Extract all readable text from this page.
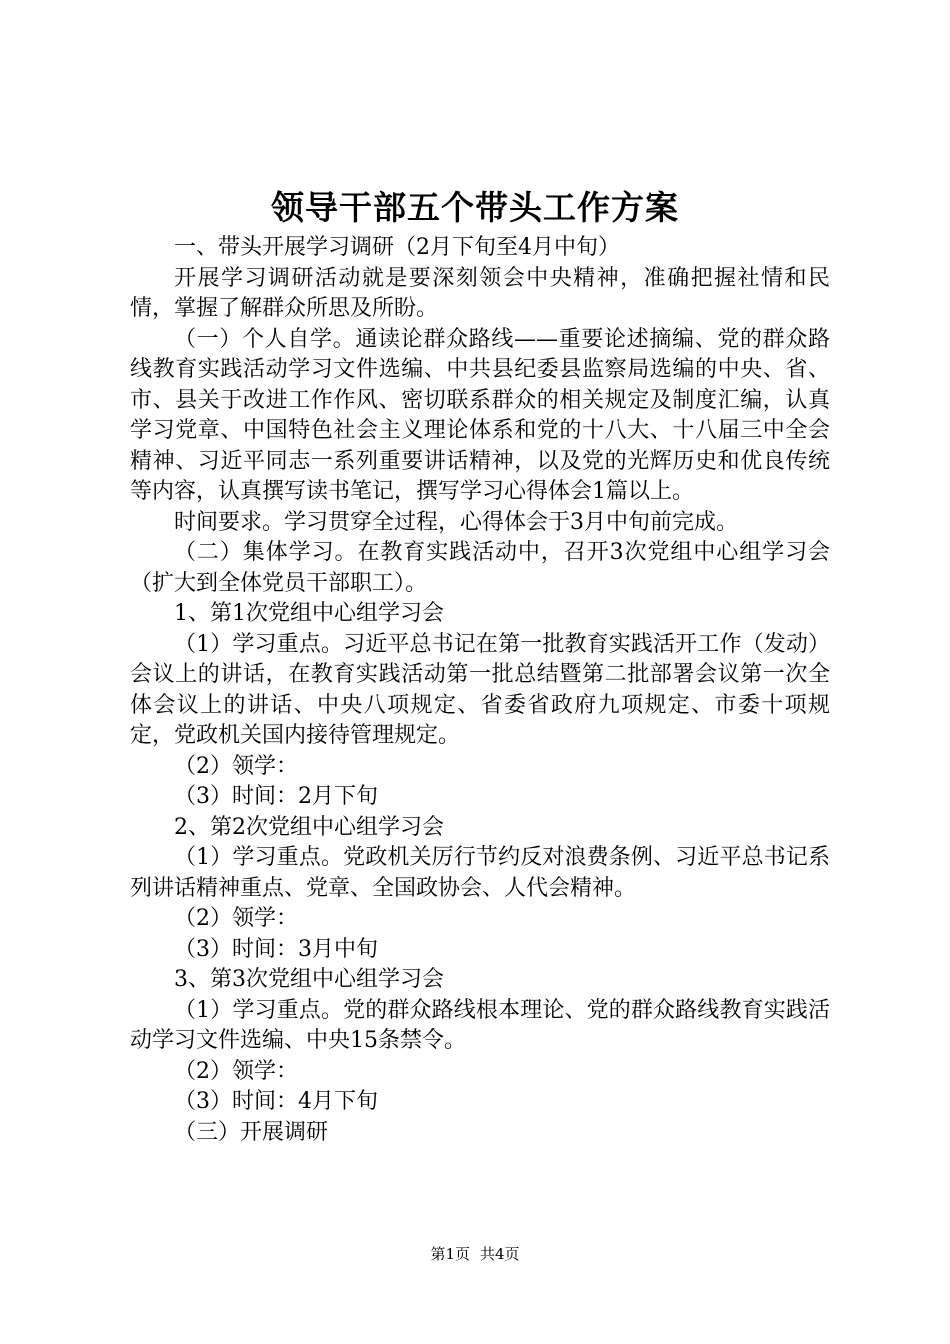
领导干部五个带头工作方案

一、带头开展学习调研（2月下旬至4月中旬）

开展学习调研活动就是要深刻领会中央精神，准确把握社情和民情，掌握了解群众所思及所盼。

（一）个人自学。通读论群众路线——重要论述摘编、党的群众路线教育实践活动学习文件选编、中共县纪委县监察局选编的中央、省、市、县关于改进工作作风、密切联系群众的相关规定及制度汇编，认真学习党章、中国特色社会主义理论体系和党的十八大、十八届三中全会精神、习近平同志一系列重要讲话精神，以及党的光辉历史和优良传统等内容，认真撰写读书笔记，撰写学习心得体会1篇以上。

时间要求。学习贯穿全过程，心得体会于3月中旬前完成。

（二）集体学习。在教育实践活动中，召开3次党组中心组学习会（扩大到全体党员干部职工）。

1、第1次党组中心组学习会

（1）学习重点。习近平总书记在第一批教育实践活开工作（发动）会议上的讲话，在教育实践活动第一批总结暨第二批部署会议第一次全体会议上的讲话、中央八项规定、省委省政府九项规定、市委十项规定，党政机关国内接待管理规定。

（2）领学：

（3）时间：2月下旬

2、第2次党组中心组学习会

（1）学习重点。党政机关厉行节约反对浪费条例、习近平总书记系列讲话精神重点、党章、全国政协会、人代会精神。

（2）领学：

（3）时间：3月中旬

3、第3次党组中心组学习会

（1）学习重点。党的群众路线根本理论、党的群众路线教育实践活动学习文件选编、中央15条禁令。

（2）领学：

（3）时间：4月下旬

（三）开展调研

第1页 共4页
